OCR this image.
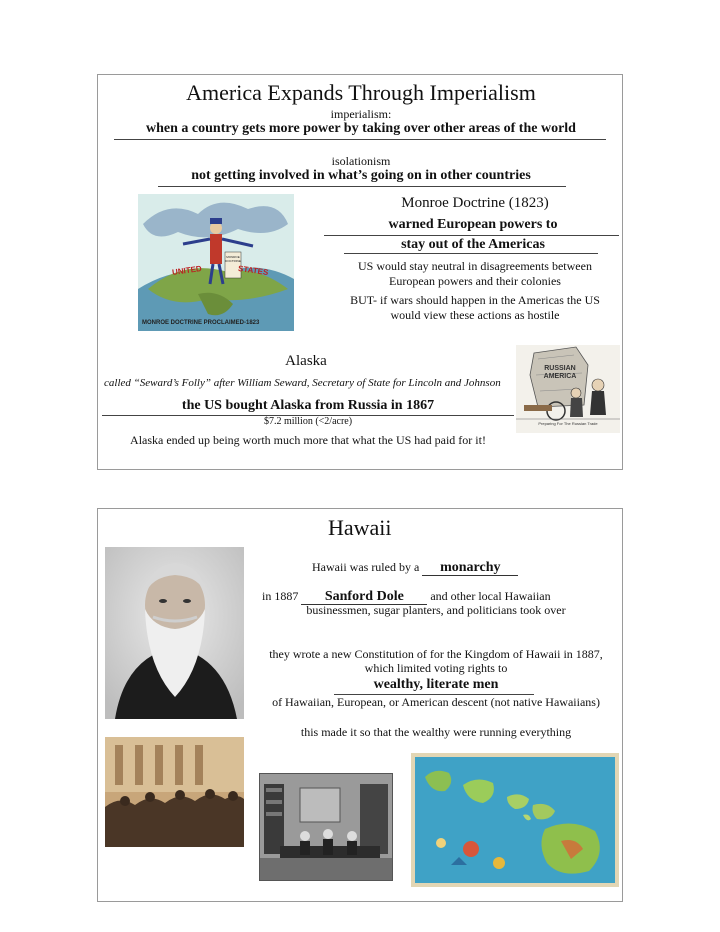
America Expands Through Imperialism
imperialism:
when a country gets more power by taking over other areas of the world
isolationism
not getting involved in what’s going on in other countries
UNITED	STATES
MONROE DOCTRINE
MONROE DOCTRINE PROCLAIMED-1823
Monroe Doctrine (1823)
warned European powers to
stay out of the Americas
US would stay neutral in disagreements between European powers and their colonies
BUT- if wars should happen in the Americas the US would view these actions as hostile
Alaska
called “Seward’s Folly” after William Seward, Secretary of State for Lincoln and Johnson
the US bought Alaska from Russia in 1867
$7.2 million (<2/acre)
Alaska ended up being worth much more that what the US had paid for it!
RUSSIAN AMERICA
Preparing For The Russian Trade
Hawaii
Hawaii was ruled by a monarchy
in 1887 Sanford Dole and other local Hawaiian
businessmen, sugar planters, and politicians took over
they wrote a new Constitution of for the Kingdom of Hawaii in 1887,
which limited voting rights to
wealthy, literate men
of Hawaiian, European, or American descent (not native Hawaiians)
this made it so that the wealthy were running everything
